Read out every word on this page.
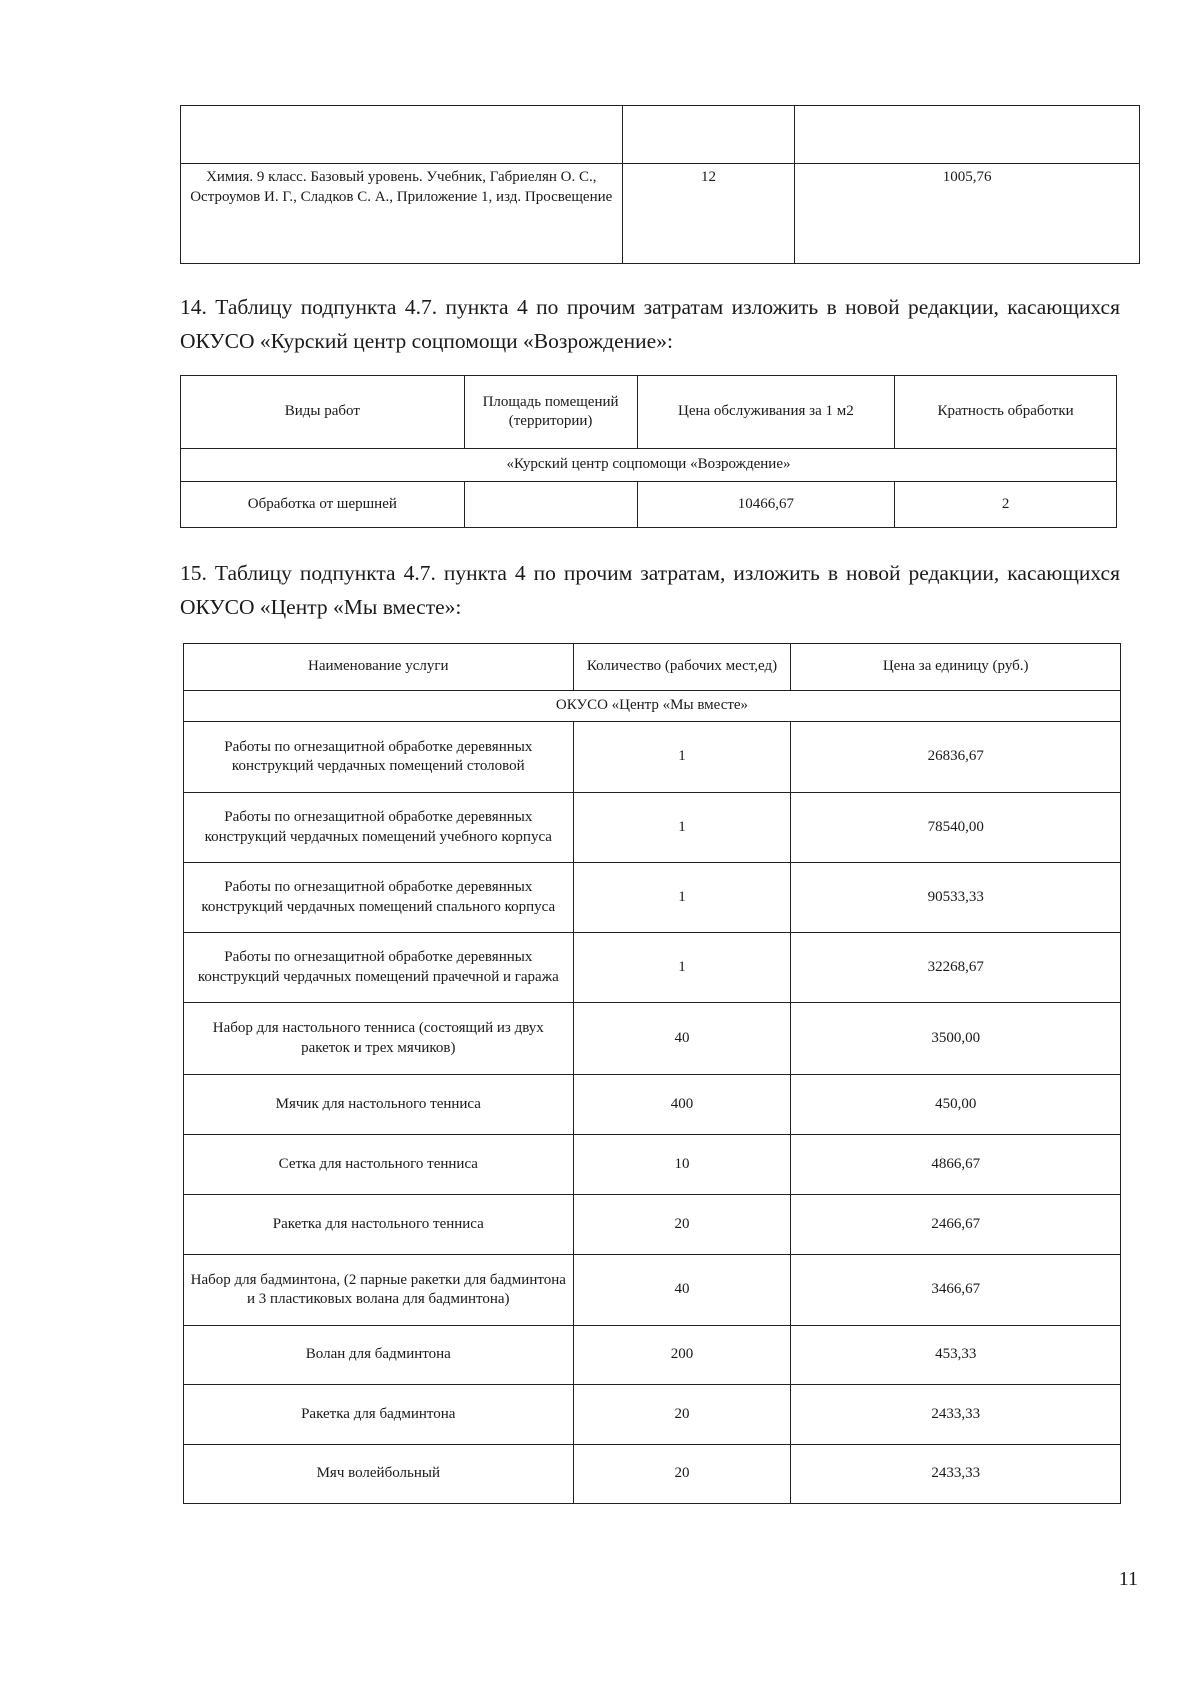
Химия. 9 класс. Базовый уровень. Учебник, Габриелян О. С., Остроумов И. Г., Сладков С. А., Приложение 1, изд. Просвещение	12	1005,76
14. Таблицу подпункта 4.7. пункта 4 по прочим затратам изложить в новой редакции, касающихся ОКУСО «Курский центр соцпомощи «Возрождение»:
Виды работ	Площадь помещений (территории)	Цена обслуживания за 1 м2	Кратность обработки
«Курский центр соцпомощи «Возрождение»			
Обработка от шершней		10466,67	2
15. Таблицу подпункта 4.7. пункта 4 по прочим затратам, изложить в новой редакции, касающихся ОКУСО «Центр «Мы вместе»:
Наименование услуги	Количество (рабочих мест,ед)	Цена за единицу (руб.)
ОКУСО «Центр «Мы вместе»		
Работы по огнезащитной обработке деревянных конструкций чердачных помещений столовой	1	26836,67
Работы по огнезащитной обработке деревянных конструкций чердачных помещений учебного корпуса	1	78540,00
Работы по огнезащитной обработке деревянных конструкций чердачных помещений спального корпуса	1	90533,33
Работы по огнезащитной обработке деревянных конструкций чердачных помещений прачечной и гаража	1	32268,67
Набор для настольного тенниса (состоящий из двух ракеток и трех мячиков)	40	3500,00
Мячик для настольного тенниса	400	450,00
Сетка для настольного тенниса	10	4866,67
Ракетка для настольного тенниса	20	2466,67
Набор для бадминтона, (2 парные ракетки для бадминтона и 3 пластиковых волана для бадминтона)	40	3466,67
Волан для бадминтона	200	453,33
Ракетка для бадминтона	20	2433,33
Мяч волейбольный	20	2433,33
11
